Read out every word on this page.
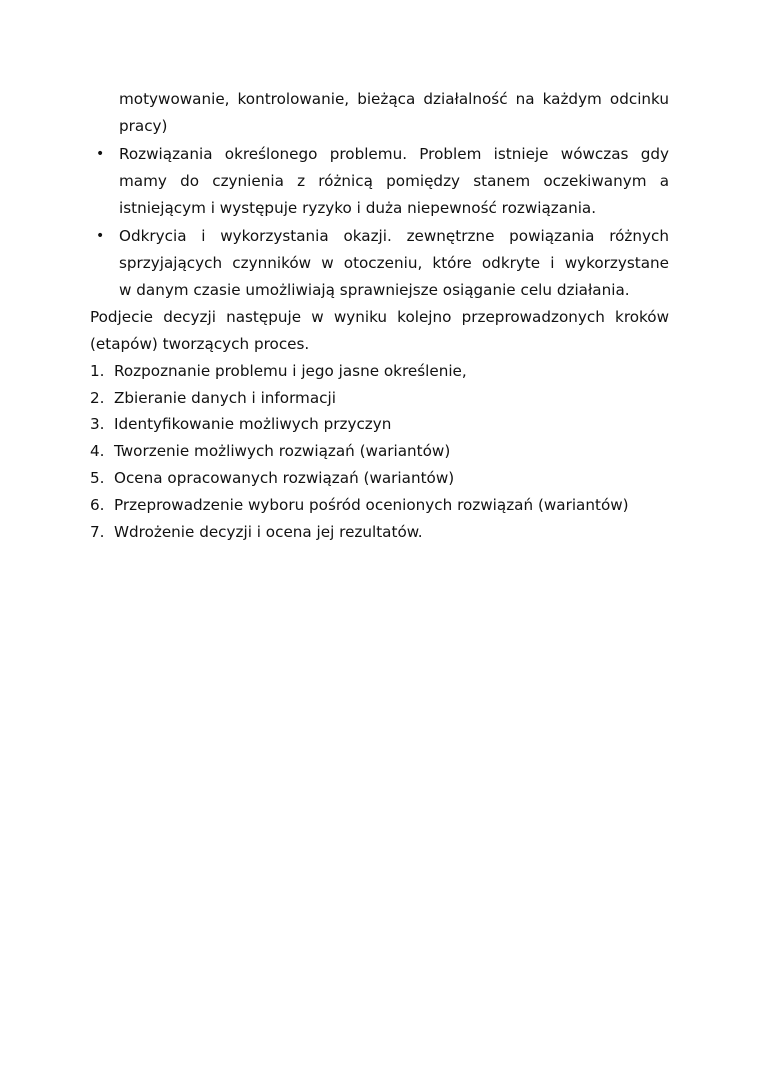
motywowanie, kontrolowanie, bieżąca działalność na każdym odcinku
pracy)
• Rozwiązania określonego problemu. Problem istnieje wówczas gdy
mamy do czynienia z różnicą pomiędzy stanem oczekiwanym a
istniejącym i występuje ryzyko i duża niepewność rozwiązania.
• Odkrycia i wykorzystania okazji. zewnętrzne powiązania różnych
sprzyjających czynników w otoczeniu, które odkryte i wykorzystane
w danym czasie umożliwiają sprawniejsze osiąganie celu działania.
Podjecie decyzji następuje w wyniku kolejno przeprowadzonych kroków
(etapów) tworzących proces.
1. Rozpoznanie problemu i jego jasne określenie,
2. Zbieranie danych i informacji
3. Identyfikowanie możliwych przyczyn
4. Tworzenie możliwych rozwiązań (wariantów)
5. Ocena opracowanych rozwiązań (wariantów)
6. Przeprowadzenie wyboru pośród ocenionych rozwiązań (wariantów)
7. Wdrożenie decyzji i ocena jej rezultatów.
